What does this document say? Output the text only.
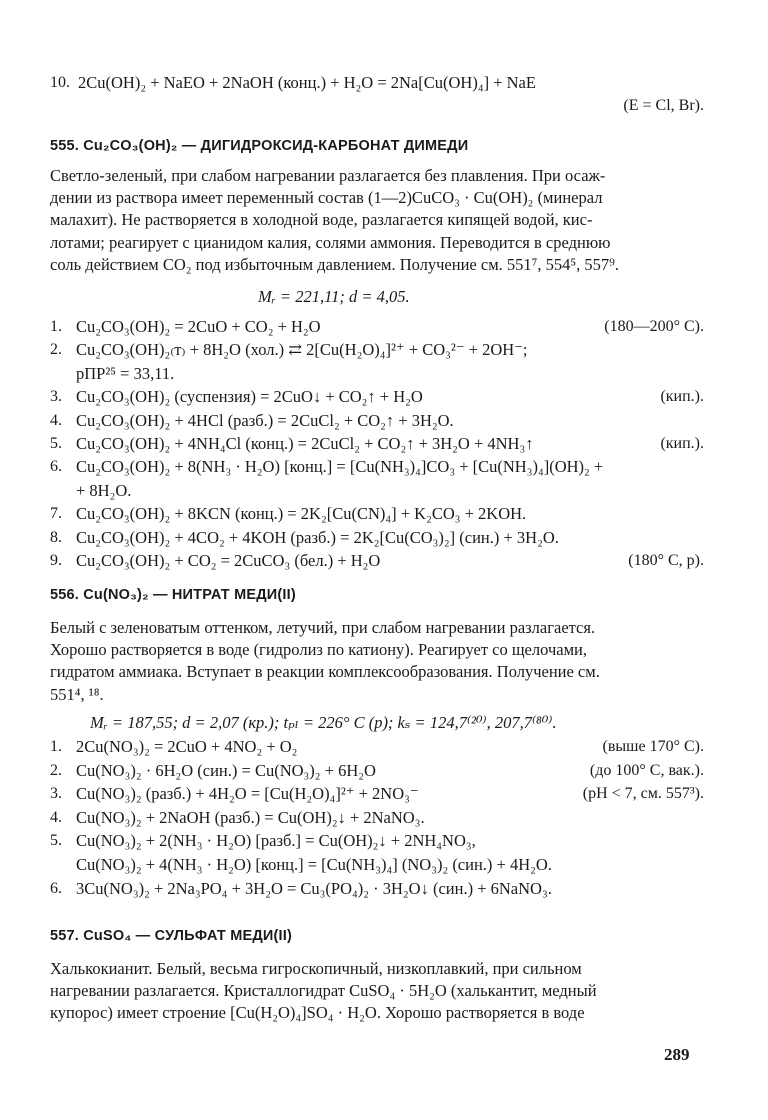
10. 2Cu(OH)₂ + NaEO + 2NaOH (конц.) + H₂O = 2Na[Cu(OH)₄] + NaE
(E = Cl, Br).
555. Cu₂CO₃(OH)₂ — ДИГИДРОКСИД-КАРБОНАТ ДИМЕДИ
Светло-зеленый, при слабом нагревании разлагается без плавления. При осаж-
дении из раствора имеет переменный состав (1—2)CuCO₃ · Cu(OH)₂ (минерал
малахит). Не растворяется в холодной воде, разлагается кипящей водой, кис-
лотами; реагирует с цианидом калия, солями аммония. Переводится в среднюю
соль действием CO₂ под избыточным давлением. Получение см. 551⁷, 554⁵, 557⁹.
Mᵣ = 221,11; d = 4,05.
1. Cu₂CO₃(OH)₂ = 2CuO + CO₂ + H₂O	(180—200° C).
2. Cu₂CO₃(OH)₂₍т₎ + 8H₂O (хол.) ⇄ 2[Cu(H₂O)₄]²⁺ + CO₃²⁻ + 2OH⁻;
pПР²⁵ = 33,11.
3. Cu₂CO₃(OH)₂ (суспензия) = 2CuO↓ + CO₂↑ + H₂O	(кип.).
4. Cu₂CO₃(OH)₂ + 4HCl (разб.) = 2CuCl₂ + CO₂↑ + 3H₂O.
5. Cu₂CO₃(OH)₂ + 4NH₄Cl (конц.) = 2CuCl₂ + CO₂↑ + 3H₂O + 4NH₃↑	(кип.).
6. Cu₂CO₃(OH)₂ + 8(NH₃ · H₂O) [конц.] = [Cu(NH₃)₄]CO₃ + [Cu(NH₃)₄](OH)₂ +
+ 8H₂O.
7. Cu₂CO₃(OH)₂ + 8KCN (конц.) = 2K₂[Cu(CN)₄] + K₂CO₃ + 2KOH.
8. Cu₂CO₃(OH)₂ + 4CO₂ + 4KOH (разб.) = 2K₂[Cu(CO₃)₂] (син.) + 3H₂O.
9. Cu₂CO₃(OH)₂ + CO₂ = 2CuCO₃ (бел.) + H₂O	(180° C, p).
556. Cu(NO₃)₂ — НИТРАТ МЕДИ(II)
Белый с зеленоватым оттенком, летучий, при слабом нагревании разлагается.
Хорошо растворяется в воде (гидролиз по катиону). Реагирует со щелочами,
гидратом аммиака. Вступает в реакции комплексообразования. Получение см.
551⁴, ¹⁸.
Mᵣ = 187,55; d = 2,07 (кр.); tₚₗ = 226° C (p); kₛ = 124,7⁽²⁰⁾, 207,7⁽⁸⁰⁾.
1. 2Cu(NO₃)₂ = 2CuO + 4NO₂ + O₂	(выше 170° C).
2. Cu(NO₃)₂ · 6H₂O (син.) = Cu(NO₃)₂ + 6H₂O	(до 100° C, вак.).
3. Cu(NO₃)₂ (разб.) + 4H₂O = [Cu(H₂O)₄]²⁺ + 2NO₃⁻	(pH < 7, см. 557³).
4. Cu(NO₃)₂ + 2NaOH (разб.) = Cu(OH)₂↓ + 2NaNO₃.
5. Cu(NO₃)₂ + 2(NH₃ · H₂O) [разб.] = Cu(OH)₂↓ + 2NH₄NO₃,
Cu(NO₃)₂ + 4(NH₃ · H₂O) [конц.] = [Cu(NH₃)₄] (NO₃)₂ (син.) + 4H₂O.
6. 3Cu(NO₃)₂ + 2Na₃PO₄ + 3H₂O = Cu₃(PO₄)₂ · 3H₂O↓ (син.) + 6NaNO₃.
557. CuSO₄ — СУЛЬФАТ МЕДИ(II)
Халькокианит. Белый, весьма гигроскопичный, низкоплавкий, при сильном
нагревании разлагается. Кристаллогидрат CuSO₄ · 5H₂O (халькантит, медный
купорос) имеет строение [Cu(H₂O)₄]SO₄ · H₂O. Хорошо растворяется в воде
289
